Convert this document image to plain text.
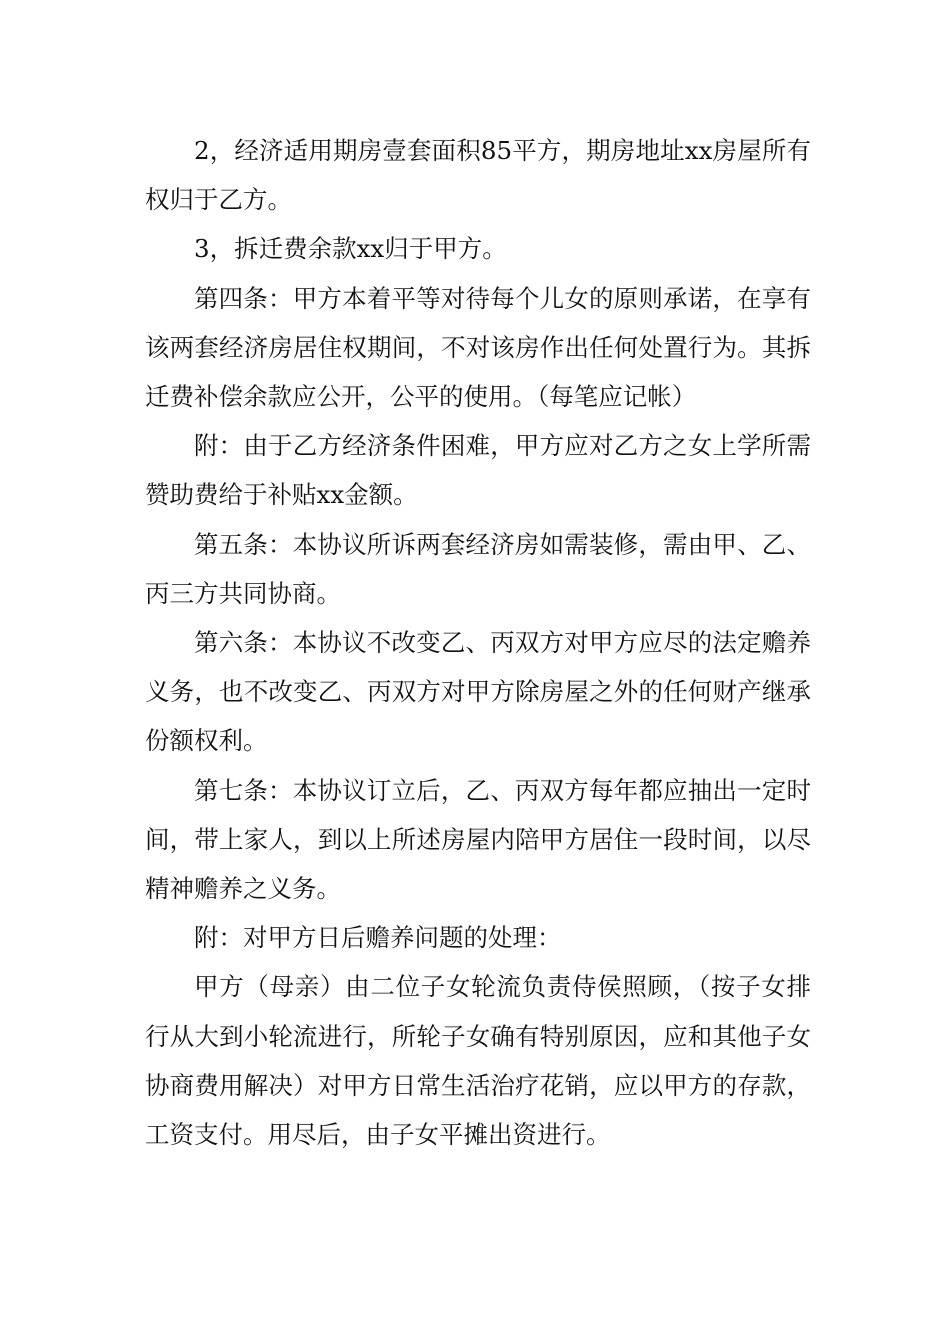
2，经济适用期房壹套面积85平方，期房地址xx房屋所有权归于乙方。

3，拆迁费余款xx归于甲方。

第四条：甲方本着平等对待每个儿女的原则承诺，在享有该两套经济房居住权期间，不对该房作出任何处置行为。其拆迁费补偿余款应公开，公平的使用。（每笔应记帐）

附：由于乙方经济条件困难，甲方应对乙方之女上学所需赞助费给于补贴xx金额。

第五条：本协议所诉两套经济房如需装修，需由甲、乙、丙三方共同协商。

第六条：本协议不改变乙、丙双方对甲方应尽的法定赡养义务，也不改变乙、丙双方对甲方除房屋之外的任何财产继承份额权利。

第七条：本协议订立后，乙、丙双方每年都应抽出一定时间，带上家人，到以上所述房屋内陪甲方居住一段时间，以尽精神赡养之义务。

附：对甲方日后赡养问题的处理：

甲方（母亲）由二位子女轮流负责侍侯照顾，（按子女排行从大到小轮流进行，所轮子女确有特别原因，应和其他子女协商费用解决）对甲方日常生活治疗花销，应以甲方的存款，工资支付。用尽后，由子女平摊出资进行。
